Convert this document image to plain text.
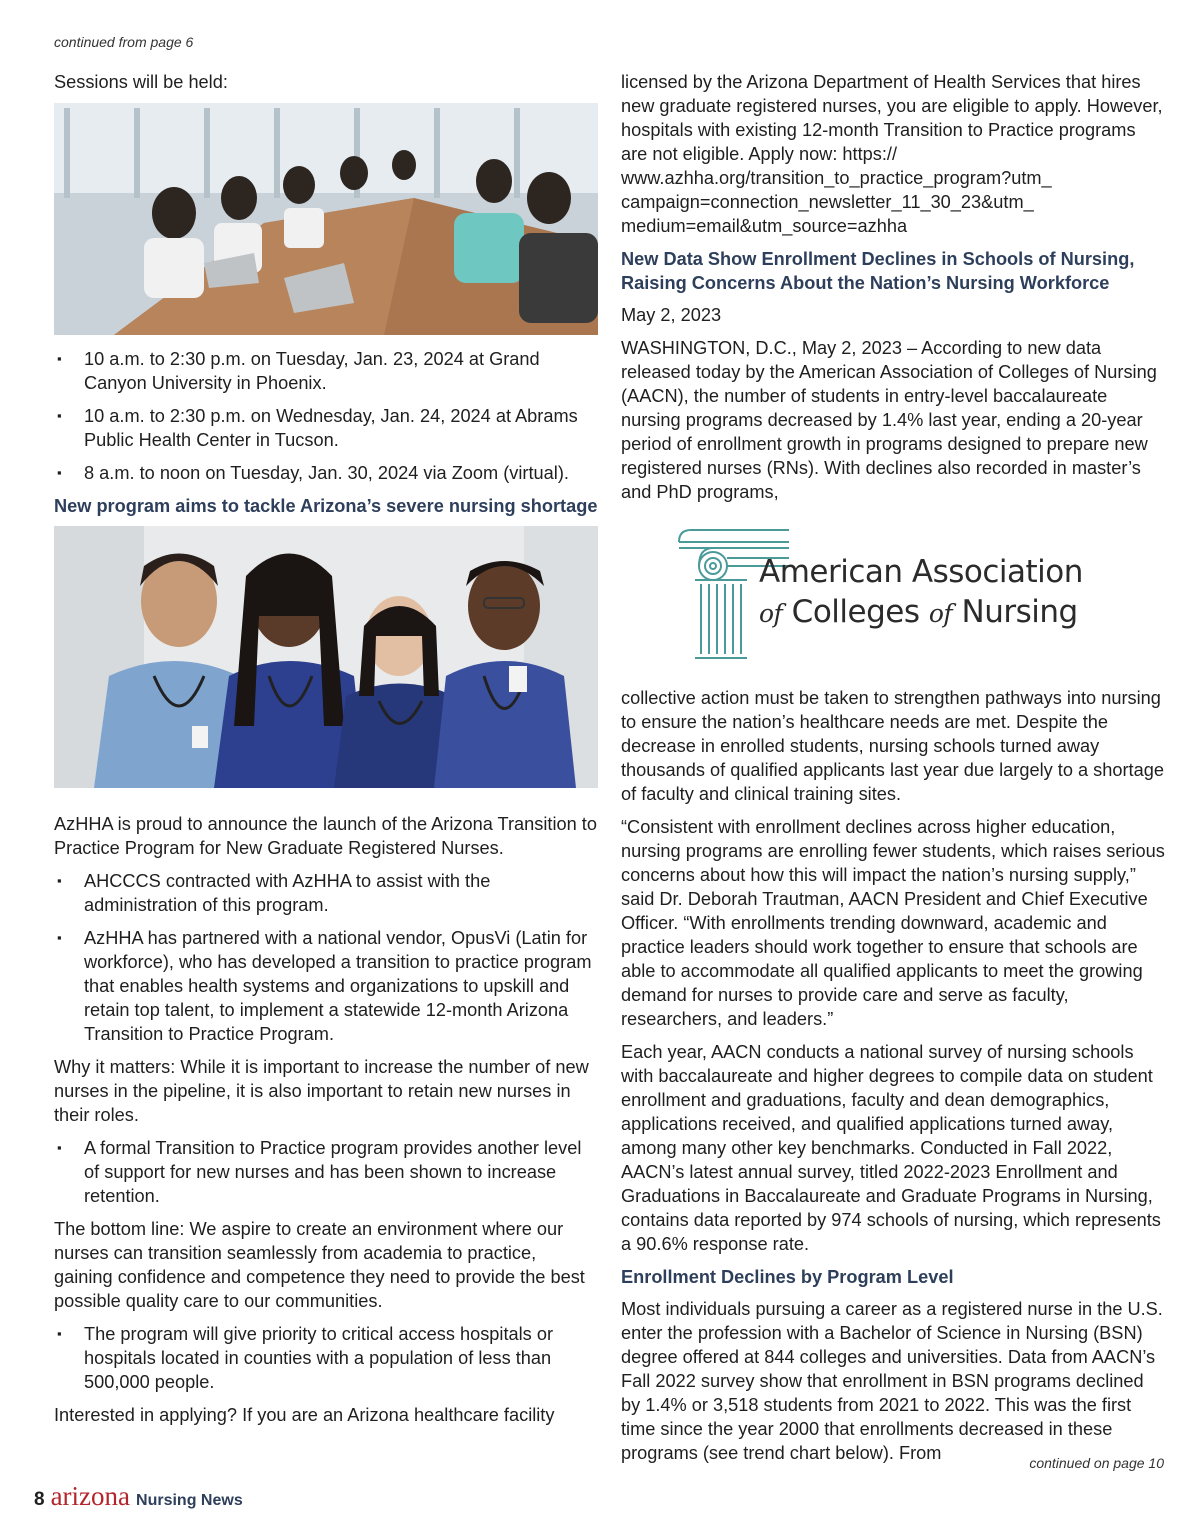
continued from page 6

Sessions will be held:

▪ 10 a.m. to 2:30 p.m. on Tuesday, Jan. 23, 2024 at Grand Canyon University in Phoenix.
▪ 10 a.m. to 2:30 p.m. on Wednesday, Jan. 24, 2024 at Abrams Public Health Center in Tucson.
▪ 8 a.m. to noon on Tuesday, Jan. 30, 2024 via Zoom (virtual).
New program aims to tackle Arizona’s severe nursing shortage

AzHHA is proud to announce the launch of the Arizona Transition to Practice Program for New Graduate Registered Nurses.

▪ AHCCCS contracted with AzHHA to assist with the administration of this program.
▪ AzHHA has partnered with a national vendor, OpusVi (Latin for workforce), who has developed a transition to practice program that enables health systems and organizations to upskill and retain top talent, to implement a statewide 12-month Arizona Transition to Practice Program.

Why it matters: While it is important to increase the number of new nurses in the pipeline, it is also important to retain new nurses in their roles.

▪ A formal Transition to Practice program provides another level of support for new nurses and has been shown to increase retention.

The bottom line: We aspire to create an environment where our nurses can transition seamlessly from academia to practice, gaining confidence and competence they need to provide the best possible quality care to our communities.

▪ The program will give priority to critical access hospitals or hospitals located in counties with a population of less than 500,000 people.

Interested in applying? If you are an Arizona healthcare facility

licensed by the Arizona Department of Health Services that hires new graduate registered nurses, you are eligible to apply. However, hospitals with existing 12-month Transition to Practice programs are not eligible. Apply now: https:// www.azhha.org/transition_to_practice_program?utm_ campaign=connection_newsletter_11_30_23&utm_ medium=email&utm_source=azhha

New Data Show Enrollment Declines in Schools of Nursing, Raising Concerns About the Nation’s Nursing Workforce

May 2, 2023

WASHINGTON, D.C., May 2, 2023 – According to new data released today by the American Association of Colleges of Nursing (AACN), the number of students in entry-level baccalaureate nursing programs decreased by 1.4% last year, ending a 20-year period of enrollment growth in programs designed to prepare new registered nurses (RNs). With declines also recorded in master’s and PhD programs,

American Association
of Colleges of Nursing

collective action must be taken to strengthen pathways into nursing to ensure the nation’s healthcare needs are met. Despite the decrease in enrolled students, nursing schools turned away thousands of qualified applicants last year due largely to a shortage of faculty and clinical training sites.

“Consistent with enrollment declines across higher education, nursing programs are enrolling fewer students, which raises serious concerns about how this will impact the nation’s nursing supply,” said Dr. Deborah Trautman, AACN President and Chief Executive Officer. “With enrollments trending downward, academic and practice leaders should work together to ensure that schools are able to accommodate all qualified applicants to meet the growing demand for nurses to provide care and serve as faculty, researchers, and leaders.”

Each year, AACN conducts a national survey of nursing schools with baccalaureate and higher degrees to compile data on student enrollment and graduations, faculty and dean demographics, applications received, and qualified applications turned away, among many other key benchmarks. Conducted in Fall 2022, AACN’s latest annual survey, titled 2022-2023 Enrollment and Graduations in Baccalaureate and Graduate Programs in Nursing, contains data reported by 974 schools of nursing, which represents a 90.6% response rate.

Enrollment Declines by Program Level

Most individuals pursuing a career as a registered nurse in the U.S. enter the profession with a Bachelor of Science in Nursing (BSN) degree offered at 844 colleges and universities. Data from AACN’s Fall 2022 survey show that enrollment in BSN programs declined by 1.4% or 3,518 students from 2021 to 2022. This was the first time since the year 2000 that enrollments decreased in these programs (see trend chart below). From	continued on page 10
8 arizona Nursing News
